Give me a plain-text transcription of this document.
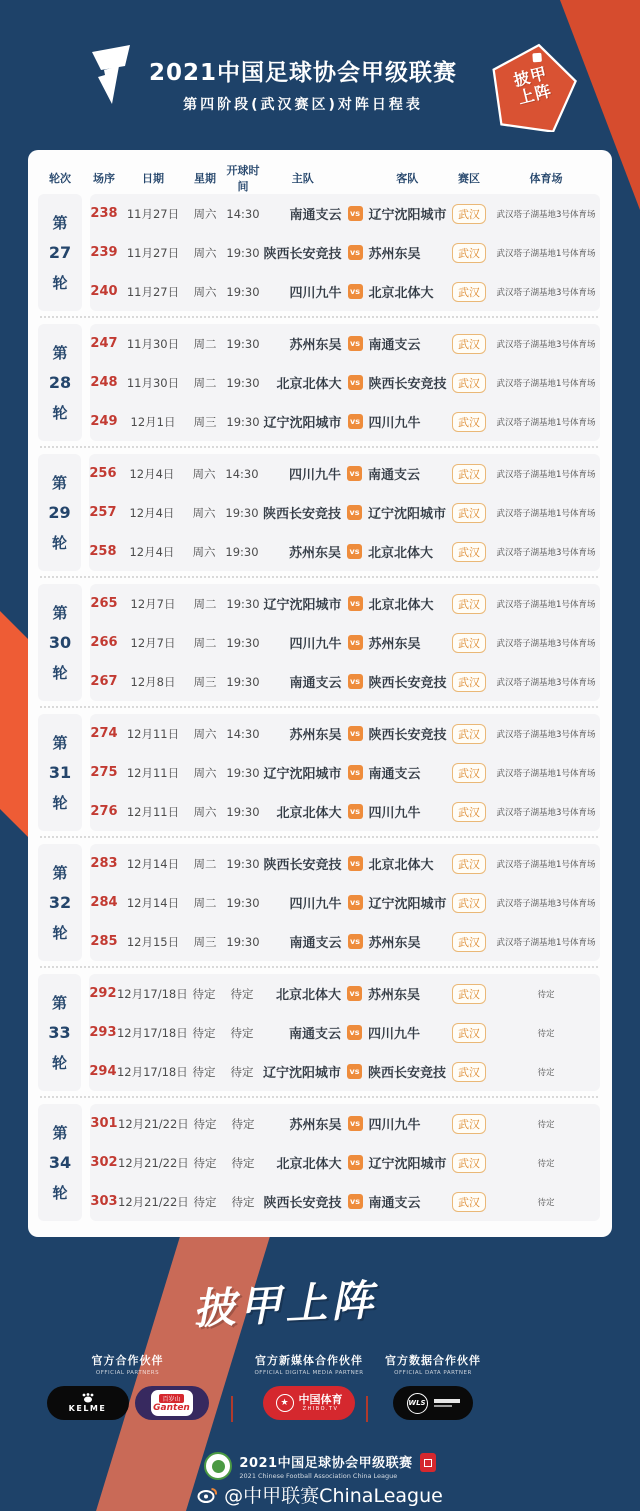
2021中国足球协会甲级联赛
第四阶段(武汉赛区)对阵日程表
披甲上阵
轮次	场序	日期	星期
开球时间
主队	客队	赛区	体育场
第
27
轮
238 11月27日	周六 14:30	南通支云	vs 辽宁沈阳城市	武汉	武汉塔子湖基地3号体育场
239 11月27日	周六 19:30 陕西长安竞技	vs 苏州东吴	武汉	武汉塔子湖基地1号体育场
240 11月27日	周六 19:30	四川九牛	vs 北京北体大	武汉	武汉塔子湖基地3号体育场
第
28
轮
247 11月30日	周二 19:30	苏州东吴	vs 南通支云	武汉	武汉塔子湖基地3号体育场
248 11月30日	周二 19:30	北京北体大	vs 陕西长安竞技	武汉	武汉塔子湖基地1号体育场
249	12月1日	周三 19:30 辽宁沈阳城市	vs 四川九牛	武汉	武汉塔子湖基地1号体育场
第
29
轮
256	12月4日	周六 14:30	四川九牛	vs 南通支云	武汉	武汉塔子湖基地1号体育场
257	12月4日	周六 19:30 陕西长安竞技	vs 辽宁沈阳城市	武汉	武汉塔子湖基地1号体育场
258	12月4日	周六 19:30	苏州东吴	vs 北京北体大	武汉	武汉塔子湖基地3号体育场
第
30
轮
265	12月7日	周二 19:30 辽宁沈阳城市	vs 北京北体大	武汉	武汉塔子湖基地1号体育场
266	12月7日	周二 19:30	四川九牛	vs 苏州东吴	武汉	武汉塔子湖基地3号体育场
267	12月8日	周三 19:30	南通支云	vs 陕西长安竞技	武汉	武汉塔子湖基地3号体育场
第
31
轮
274 12月11日	周六 14:30	苏州东吴	vs 陕西长安竞技	武汉	武汉塔子湖基地3号体育场
275 12月11日	周六 19:30 辽宁沈阳城市	vs 南通支云	武汉	武汉塔子湖基地1号体育场
276 12月11日	周六 19:30	北京北体大	vs 四川九牛	武汉	武汉塔子湖基地3号体育场
第
32
轮
283 12月14日	周二 19:30 陕西长安竞技	vs 北京北体大	武汉	武汉塔子湖基地1号体育场
284 12月14日	周二 19:30	四川九牛	vs 辽宁沈阳城市	武汉	武汉塔子湖基地3号体育场
285 12月15日	周三 19:30	南通支云	vs 苏州东吴	武汉	武汉塔子湖基地1号体育场
第
33
轮
292 12月17/18日 待定	待定	北京北体大	vs 苏州东吴	武汉	待定
293 12月17/18日 待定	待定	南通支云	vs 四川九牛	武汉	待定
294 12月17/18日 待定	待定 辽宁沈阳城市	vs 陕西长安竞技	武汉	待定
第
34
轮
301 12月21/22日 待定	待定	苏州东吴	vs 四川九牛	武汉	待定
302 12月21/22日 待定	待定	北京北体大	vs 辽宁沈阳城市	武汉	待定
303 12月21/22日 待定	待定 陕西长安竞技	vs 南通支云	武汉	待定
披甲上阵
官方合作伙伴
OFFICIAL PARTNERS
KELME
百岁山
Ganten
官方新媒体合作伙伴
OFFICIAL DIGITAL MEDIA PARTNER
★ 中国体育
ZHIBO.TV
官方数据合作伙伴
OFFICIAL DATA PARTNER
WLS
2021中国足球协会甲级联赛
2021 Chinese Football Association China League
@中甲联赛ChinaLeague
